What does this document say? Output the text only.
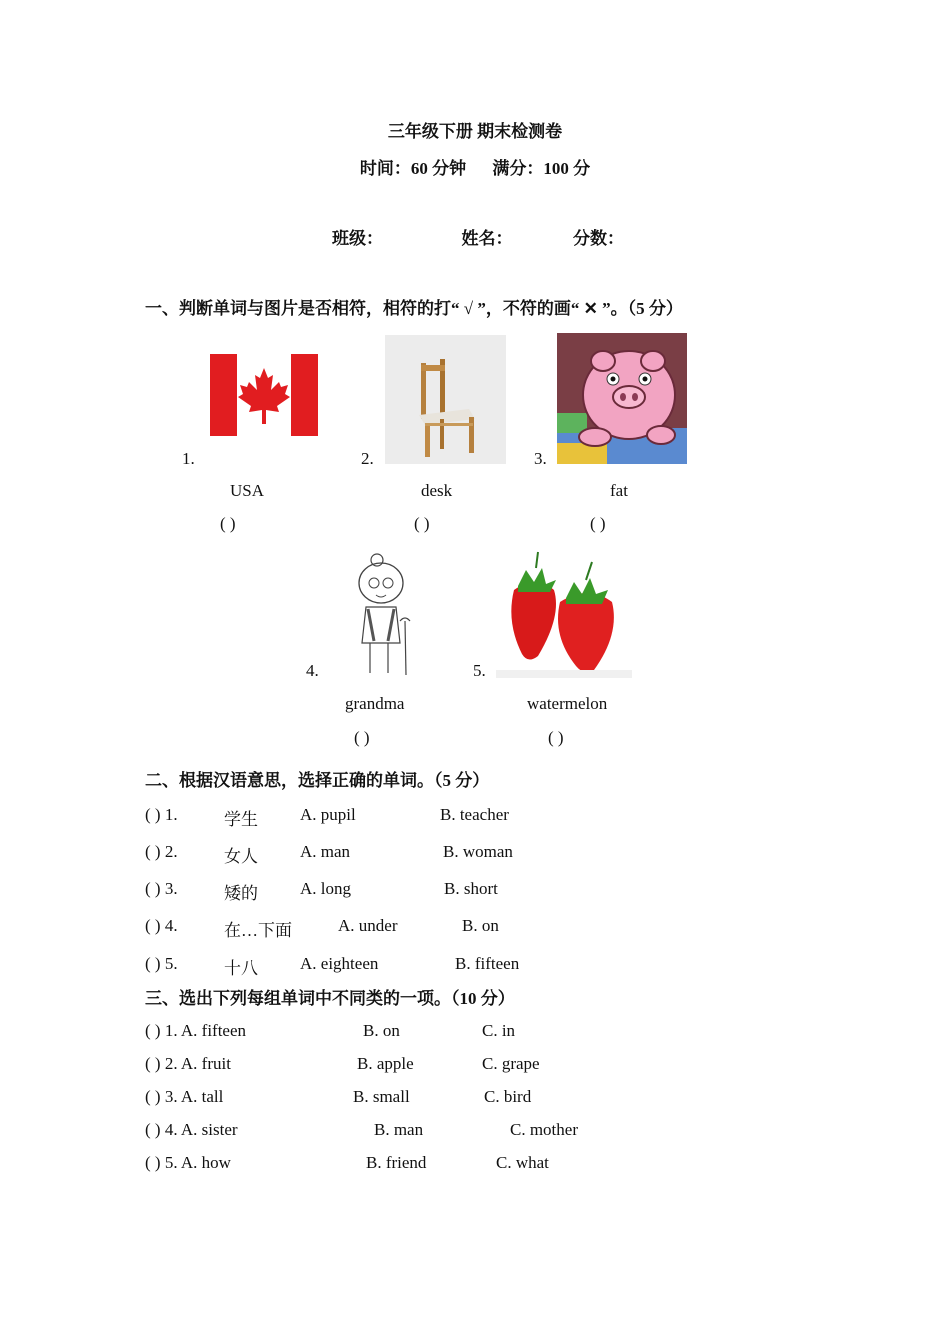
三年级下册 期末检测卷
时间：60 分钟 满分：100 分
班级：	姓名：	分数：
一、判断单词与图片是否相符，相符的打“ √ ”，不符的画“ ✕ ”。（5 分）
1.	2.	3.
USA	desk	fat
( )	( )	( )
4.	5.
grandma	watermelon
( )	( )
二、根据汉语意思，选择正确的单词。（5 分）
( ) 1.	学生 A. pupil	B. teacher
( ) 2.	女人 A. man	B. woman
( ) 3.	矮的 A. long	B. short
( ) 4.	在…下面	A. under	B. on
( ) 5.	十八 A. eighteen	B. fifteen
三、选出下列每组单词中不同类的一项。（10 分）
( ) 1. A. fifteen	B. on	C. in
( ) 2. A. fruit	B. apple	C. grape
( ) 3. A. tall	B. small	C. bird
( ) 4. A. sister	B. man	C. mother
( ) 5. A. how	B. friend	C. what
